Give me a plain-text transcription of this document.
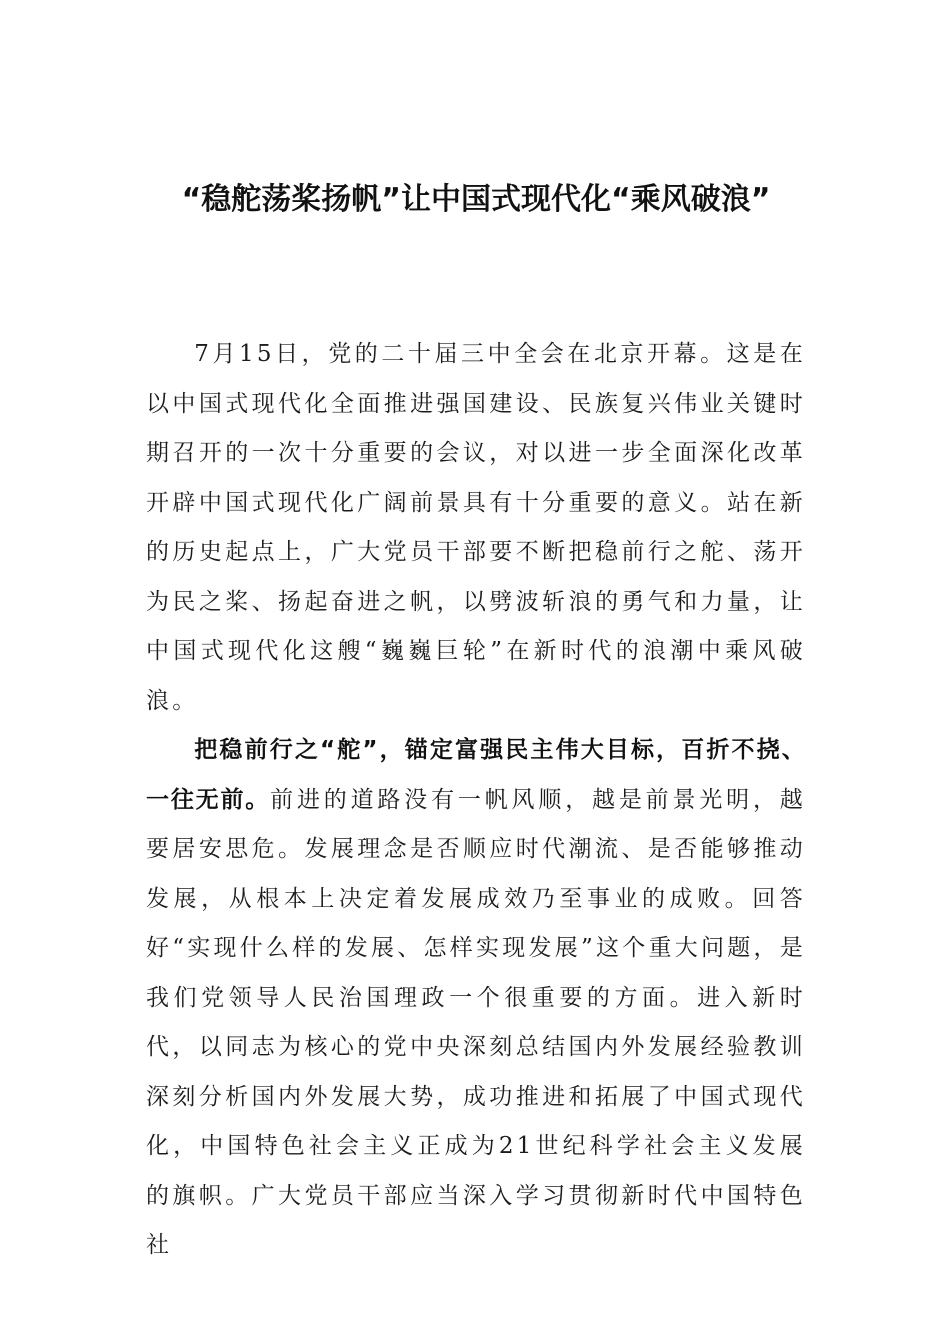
“稳舵荡桨扬帆”让中国式现代化“乘风破浪”

7月15日，党的二十届三中全会在北京开幕。这是在以中国式现代化全面推进强国建设、民族复兴伟业关键时期召开的一次十分重要的会议，对以进一步全面深化改革开辟中国式现代化广阔前景具有十分重要的意义。站在新的历史起点上，广大党员干部要不断把稳前行之舵、荡开为民之桨、扬起奋进之帆，以劈波斩浪的勇气和力量，让中国式现代化这艘“巍巍巨轮”在新时代的浪潮中乘风破浪。

把稳前行之“舵”，锚定富强民主伟大目标，百折不挠、一往无前。前进的道路没有一帆风顺，越是前景光明，越要居安思危。发展理念是否顺应时代潮流、是否能够推动发展，从根本上决定着发展成效乃至事业的成败。回答好“实现什么样的发展、怎样实现发展”这个重大问题，是我们党领导人民治国理政一个很重要的方面。进入新时代，以同志为核心的党中央深刻总结国内外发展经验教训深刻分析国内外发展大势，成功推进和拓展了中国式现代化，中国特色社会主义正成为21世纪科学社会主义发展的旗帜。广大党员干部应当深入学习贯彻新时代中国特色社
